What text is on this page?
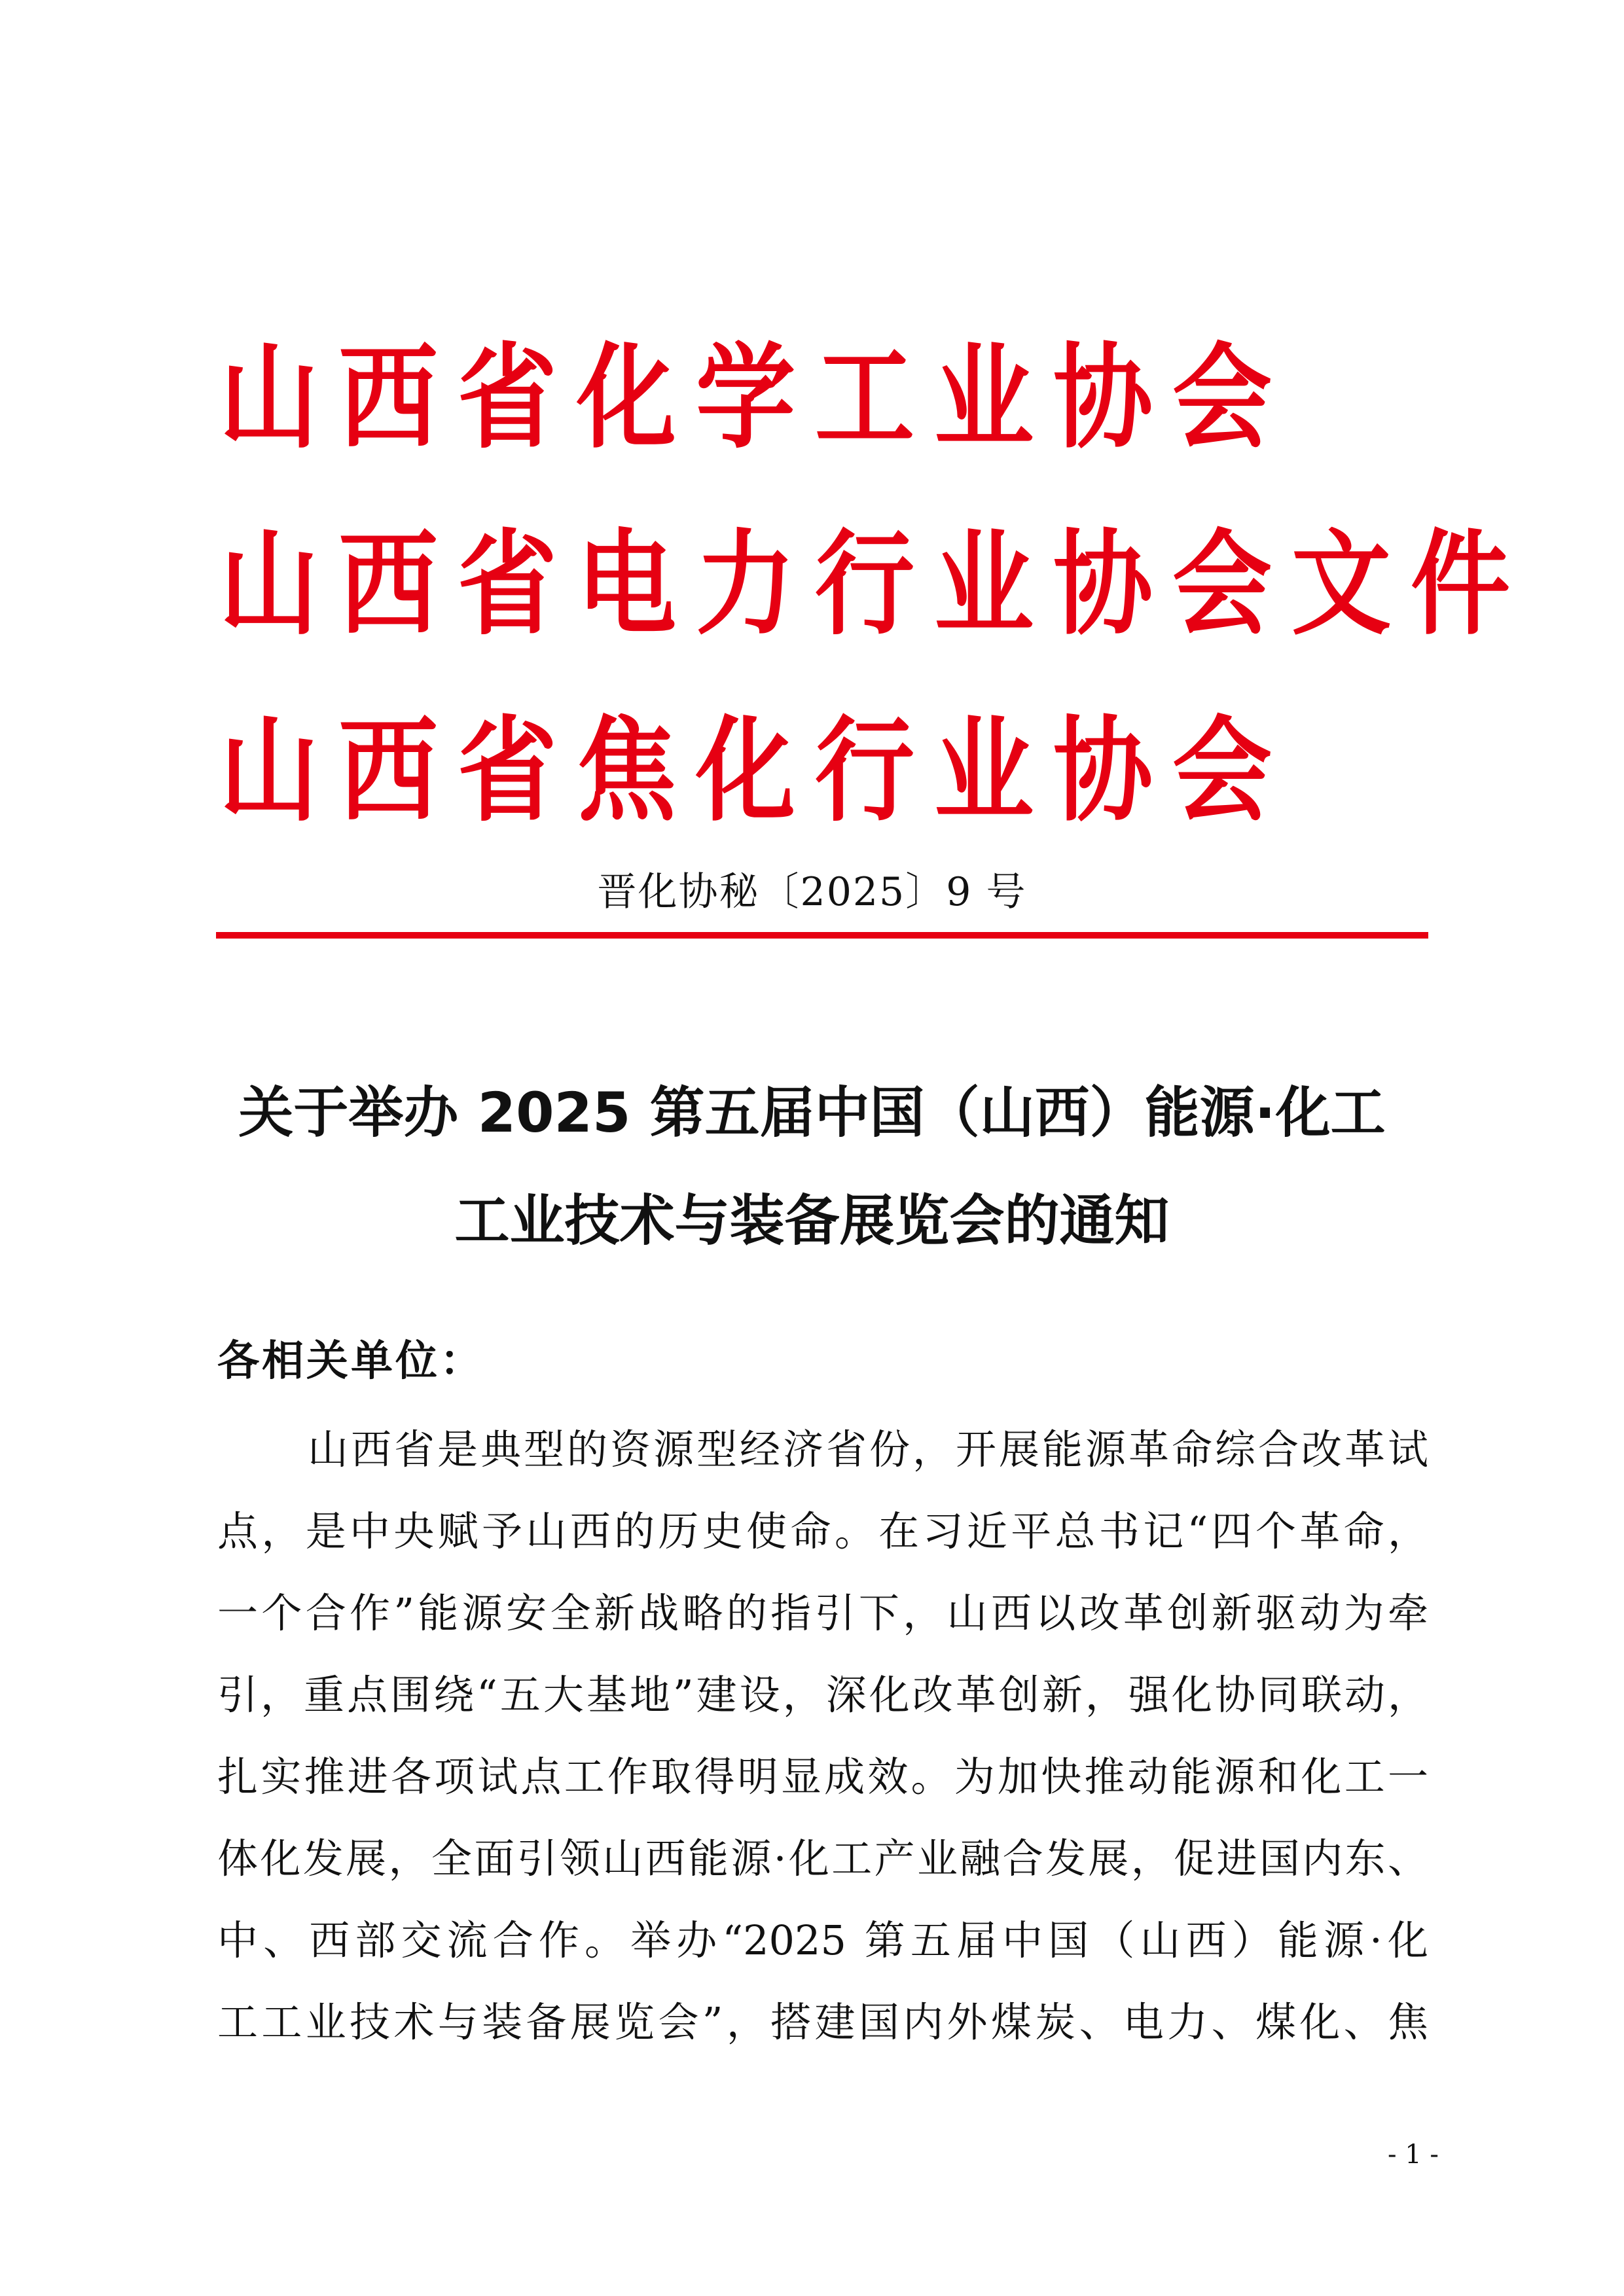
山西省化学工业协会
山西省电力行业协会文件
山西省焦化行业协会
晋化协秘〔2025〕9 号
关于举办 2025 第五届中国（山西）能源·化工
工业技术与装备展览会的通知
各相关单位：
山西省是典型的资源型经济省份，开展能源革命综合改革试
点，是中央赋予山西的历史使命。在习近平总书记“四个革命，
一个合作”能源安全新战略的指引下，山西以改革创新驱动为牵
引，重点围绕“五大基地”建设，深化改革创新，强化协同联动，
扎实推进各项试点工作取得明显成效。为加快推动能源和化工一
体化发展，全面引领山西能源·化工产业融合发展，促进国内东、
中、西部交流合作。举办“2025 第五届中国（山西）能源·化
工工业技术与装备展览会”，搭建国内外煤炭、电力、煤化、焦
- 1 -
